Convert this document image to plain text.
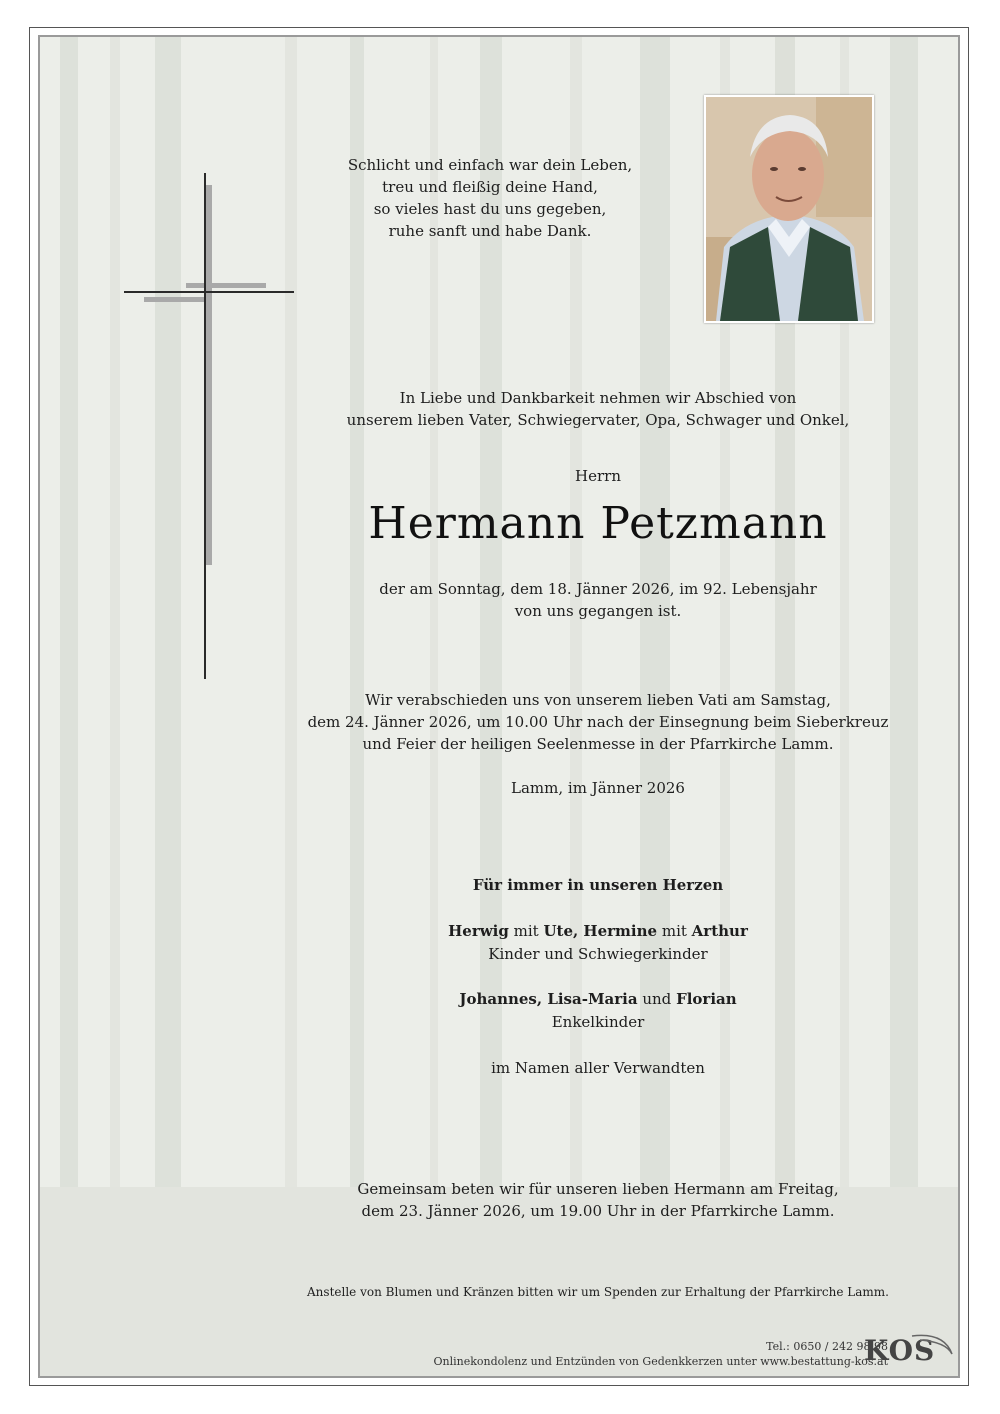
Schlicht und einfach war dein Leben,
treu und fleißig deine Hand,
so vieles hast du uns gegeben,
ruhe sanft und habe Dank.
In Liebe und Dankbarkeit nehmen wir Abschied von
unserem lieben Vater, Schwiegervater, Opa, Schwager und Onkel,
Herrn
Hermann Petzmann
der am Sonntag, dem 18. Jänner 2026, im 92. Lebensjahr
von uns gegangen ist.
Wir verabschieden uns von unserem lieben Vati am Samstag,
dem 24. Jänner 2026, um 10.00 Uhr nach der Einsegnung beim Sieberkreuz
und Feier der heiligen Seelenmesse in der Pfarrkirche Lamm.
Lamm, im Jänner 2026
Für immer in unseren Herzen
Herwig mit Ute, Hermine mit Arthur
Kinder und Schwiegerkinder
Johannes, Lisa-Maria und Florian
Enkelkinder
im Namen aller Verwandten
Gemeinsam beten wir für unseren lieben Hermann am Freitag,
dem 23. Jänner 2026, um 19.00 Uhr in der Pfarrkirche Lamm.
Anstelle von Blumen und Kränzen bitten wir um Spenden zur Erhaltung der Pfarrkirche Lamm.
Tel.: 0650 / 242 98 98
Onlinekondolenz und Entzünden von Gedenkkerzen unter www.bestattung-kos.at
KOS
